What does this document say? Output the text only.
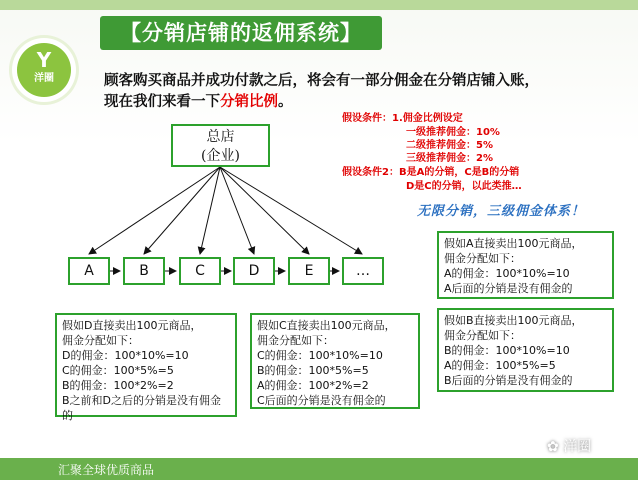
【分销店铺的返佣系统】
Y
洋圈	顾客购买商品并成功付款之后，将会有一部分佣金在分销店铺入账，
现在我们来看一下分销比例。
总店
(企业)
A	B	C	D	E	…
假设条件：1.佣金比例设定
一级推荐佣金：10%
二级推荐佣金：5%
三级推荐佣金：2%
假设条件2：B是A的分销，C是B的分销
D是C的分销，以此类推…
无限分销，三级佣金体系！
假如A直接卖出100元商品，
佣金分配如下：
A的佣金：100*10%=10
A后面的分销是没有佣金的
假如D直接卖出100元商品，
佣金分配如下：
D的佣金：100*10%=10
C的佣金：100*5%=5
B的佣金：100*2%=2
B之前和D之后的分销是没有佣金的
假如C直接卖出100元商品，
佣金分配如下：
C的佣金：100*10%=10
B的佣金：100*5%=5
A的佣金：100*2%=2
C后面的分销是没有佣金的
假如B直接卖出100元商品，
佣金分配如下：
B的佣金：100*10%=10
A的佣金：100*5%=5
B后面的分销是没有佣金的
汇聚全球优质商品
✿ 洋圈
